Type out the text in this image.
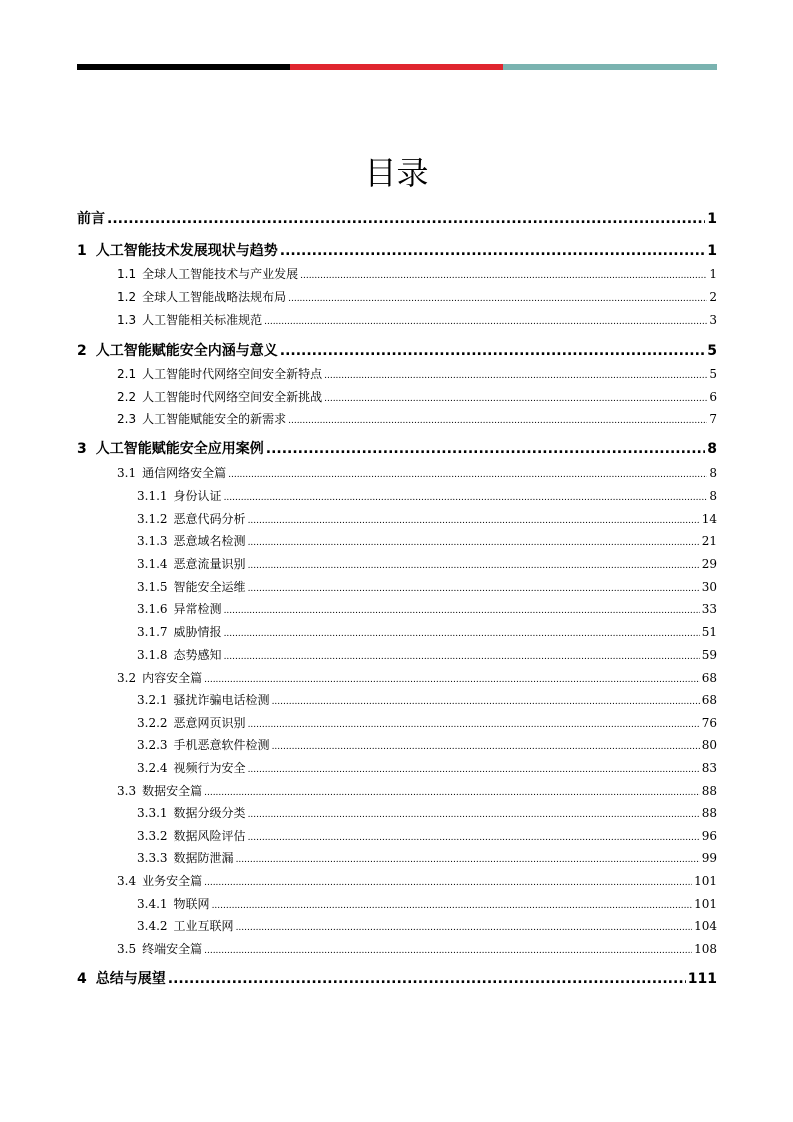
目录
前言 .....	1
1 人工智能技术发展现状与趋势 .....	1
1.1 全球人工智能技术与产业发展 .....	1
1.2 全球人工智能战略法规布局 .....	2
1.3 人工智能相关标准规范 .....	3
2 人工智能赋能安全内涵与意义 .....	5
2.1 人工智能时代网络空间安全新特点 .....	5
2.2 人工智能时代网络空间安全新挑战 .....	6
2.3 人工智能赋能安全的新需求 .....	7
3 人工智能赋能安全应用案例 .....	8
3.1 通信网络安全篇 .....	8
3.1.1 身份认证 .....	8
3.1.2 恶意代码分析 .....	14
3.1.3 恶意域名检测 .....	21
3.1.4 恶意流量识别 .....	29
3.1.5 智能安全运维 .....	30
3.1.6 异常检测 .....	33
3.1.7 威胁情报 .....	51
3.1.8 态势感知 .....	59
3.2 内容安全篇 .....	68
3.2.1 骚扰诈骗电话检测 .....	68
3.2.2 恶意网页识别 .....	76
3.2.3 手机恶意软件检测 .....	80
3.2.4 视频行为安全 .....	83
3.3 数据安全篇 .....	88
3.3.1 数据分级分类 .....	88
3.3.2 数据风险评估 .....	96
3.3.3 数据防泄漏 .....	99
3.4 业务安全篇 .....	101
3.4.1 物联网 .....	101
3.4.2 工业互联网 .....	104
3.5 终端安全篇 .....	108
4 总结与展望 .....	111
